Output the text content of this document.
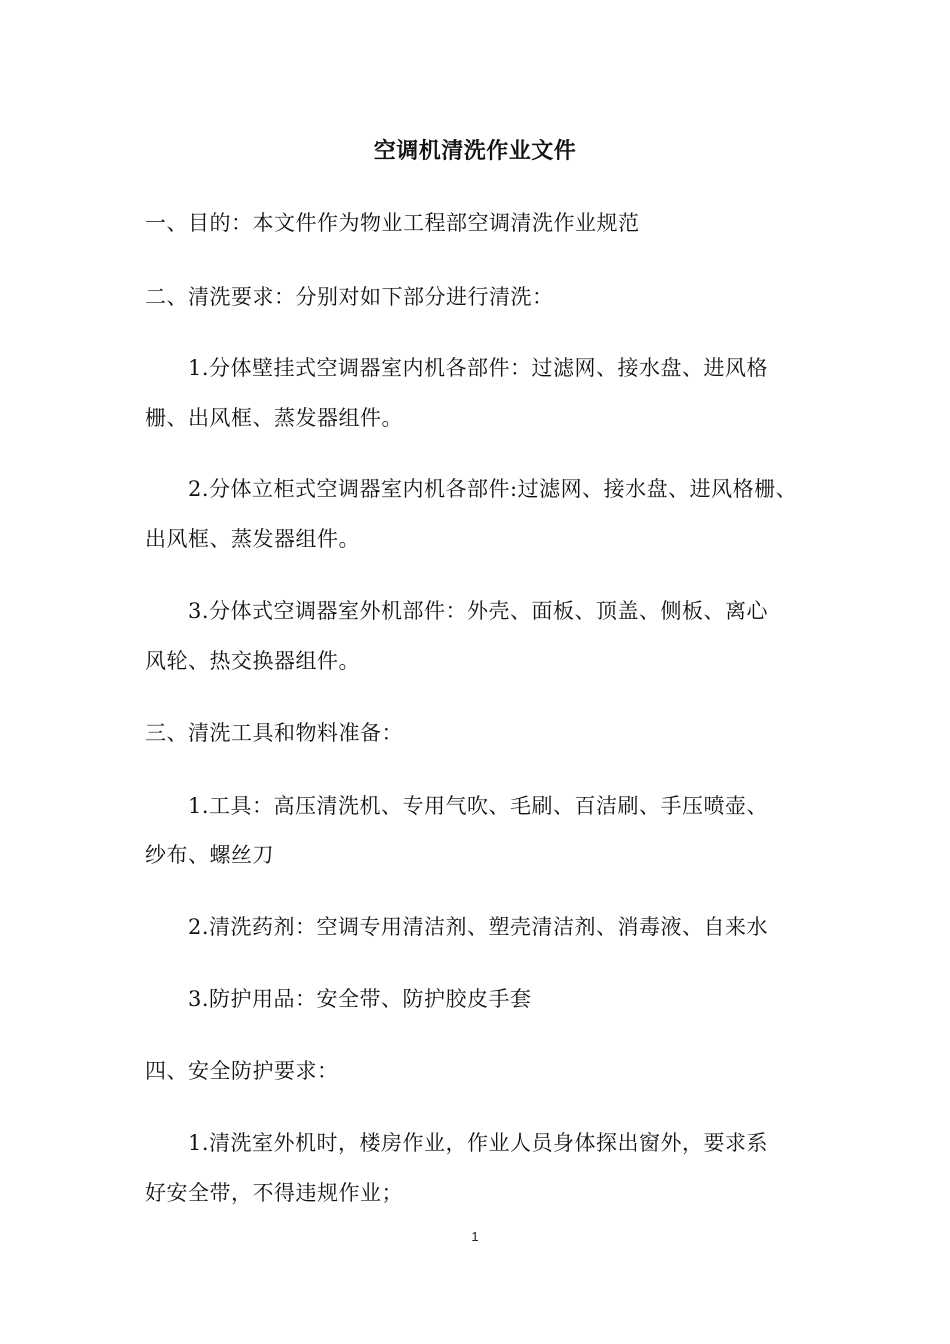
空调机清洗作业文件
一、目的：本文件作为物业工程部空调清洗作业规范
二、清洗要求：分别对如下部分进行清洗：
1.分体壁挂式空调器室内机各部件：过滤网、接水盘、进风格
栅、出风框、蒸发器组件。
2.分体立柜式空调器室内机各部件:过滤网、接水盘、进风格栅、
出风框、蒸发器组件。
3.分体式空调器室外机部件：外壳、面板、顶盖、侧板、离心
风轮、热交换器组件。
三、清洗工具和物料准备：
1.工具：高压清洗机、专用气吹、毛刷、百洁刷、手压喷壶、
纱布、螺丝刀
2.清洗药剂：空调专用清洁剂、塑壳清洁剂、消毒液、自来水
3.防护用品：安全带、防护胶皮手套
四、安全防护要求：
1.清洗室外机时，楼房作业，作业人员身体探出窗外，要求系
好安全带，不得违规作业；
1
